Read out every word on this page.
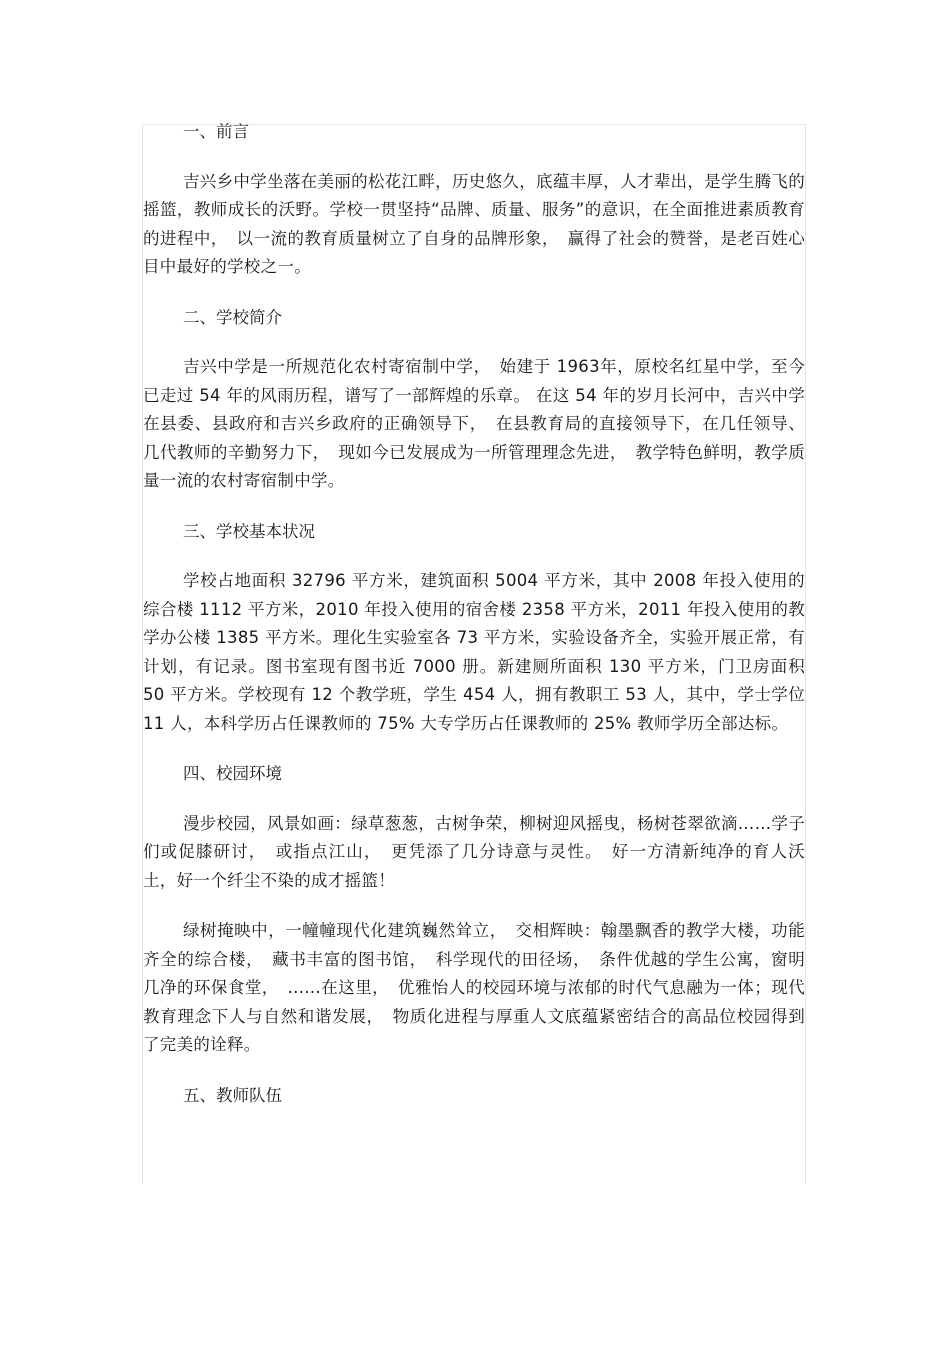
一、前言

吉兴乡中学坐落在美丽的松花江畔，历史悠久，底蕴丰厚，人才辈出，是学生腾飞的摇篮，教师成长的沃野。学校一贯坚持“品牌、质量、服务”的意识，在全面推进素质教育的进程中，　以一流的教育质量树立了自身的品牌形象，　赢得了社会的赞誉，是老百姓心目中最好的学校之一。

二、学校简介

吉兴中学是一所规范化农村寄宿制中学，　始建于 1963年，原校名红星中学，至今已走过 54 年的风雨历程，谱写了一部辉煌的乐章。 在这 54 年的岁月长河中，吉兴中学在县委、县政府和吉兴乡政府的正确领导下，　在县教育局的直接领导下，在几任领导、 几代教师的辛勤努力下，　现如今已发展成为一所管理理念先进，　教学特色鲜明，教学质量一流的农村寄宿制中学。

三、学校基本状况

学校占地面积 32796 平方米，建筑面积 5004 平方米，其中 2008 年投入使用的综合楼 1112 平方米，2010 年投入使用的宿舍楼 2358 平方米，2011 年投入使用的教学办公楼 1385 平方米。理化生实验室各 73 平方米，实验设备齐全，实验开展正常，有计划，有记录。图书室现有图书近 7000 册。新建厕所面积 130 平方米，门卫房面积 50 平方米。学校现有 12 个教学班，学生 454 人，拥有教职工 53 人，其中，学士学位 11 人，本科学历占任课教师的 75% 大专学历占任课教师的 25% 教师学历全部达标。

四、校园环境

漫步校园，风景如画：绿草葱葱，古树争荣，柳树迎风摇曳，杨树苍翠欲滴……学子们或促膝研讨，　或指点江山，　更凭添了几分诗意与灵性。　好一方清新纯净的育人沃土，好一个纤尘不染的成才摇篮！

绿树掩映中，一幢幢现代化建筑巍然耸立，　交相辉映：翰墨飘香的教学大楼，功能齐全的综合楼，　藏书丰富的图书馆，　科学现代的田径场，　条件优越的学生公寓，窗明几净的环保食堂，　……在这里，　优雅怡人的校园环境与浓郁的时代气息融为一体；现代教育理念下人与自然和谐发展，　物质化进程与厚重人文底蕴紧密结合的高品位校园得到了完美的诠释。

五、教师队伍
